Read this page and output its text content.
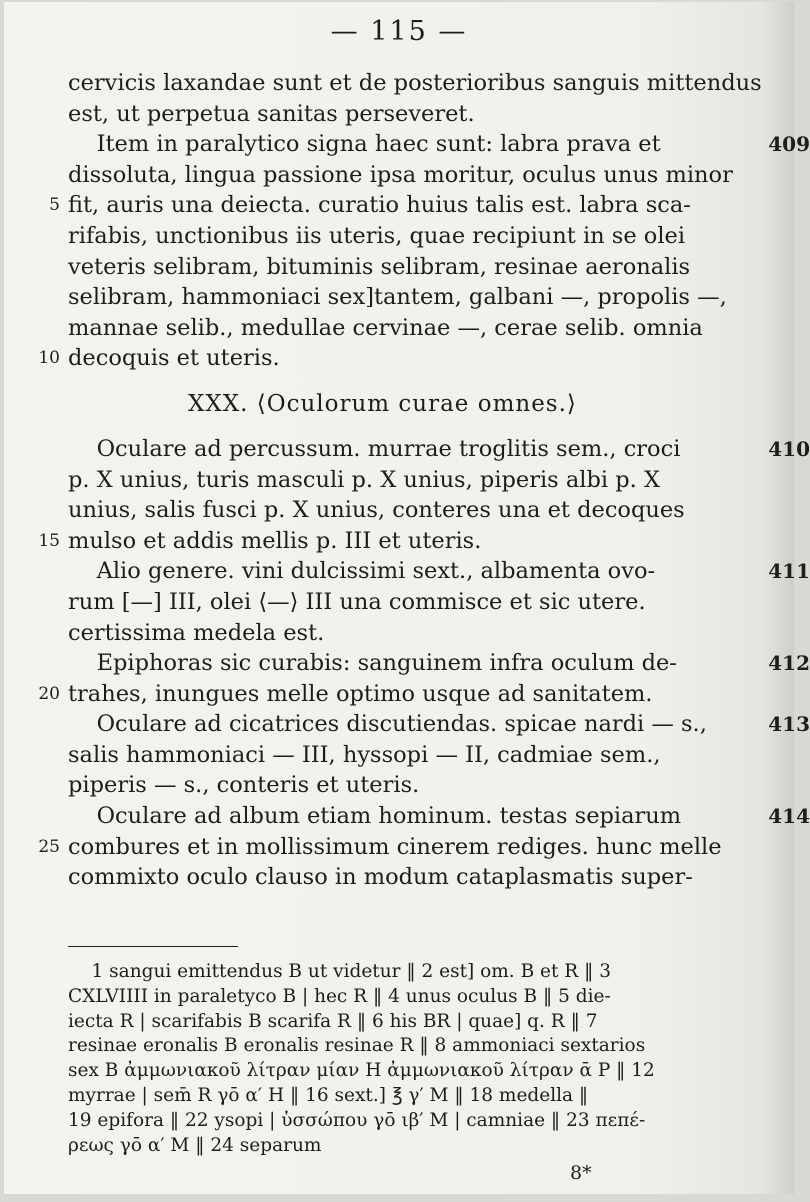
— 115 —
cervicis laxandae sunt et de posterioribus sanguis mittendus
est, ut perpetua sanitas perseveret.
Item in paralytico signa haec sunt: labra prava et	409
dissoluta, lingua passione ipsa moritur, oculus unus minor
5 fit, auris una deiecta. curatio huius talis est. labra sca-
rifabis, unctionibus iis uteris, quae recipiunt in se olei
veteris selibram, bituminis selibram, resinae aeronalis
selibram, hammoniaci sex]tantem, galbani —, propolis —,
mannae selib., medullae cervinae —, cerae selib. omnia
10 decoquis et uteris.
XXX. ⟨Oculorum curae omnes.⟩
Oculare ad percussum. murrae troglitis sem., croci	410
p. X unius, turis masculi p. X unius, piperis albi p. X
unius, salis fusci p. X unius, conteres una et decoques
15 mulso et addis mellis p. III et uteris.
Alio genere. vini dulcissimi sext., albamenta ovo-	411
rum [—] III, olei ⟨—⟩ III una commisce et sic utere.
certissima medela est.
Epiphoras sic curabis: sanguinem infra oculum de-	412
20 trahes, inungues melle optimo usque ad sanitatem.
Oculare ad cicatrices discutiendas. spicae nardi — s.,	413
salis hammoniaci — III, hyssopi — II, cadmiae sem.,
piperis — s., conteris et uteris.
Oculare ad album etiam hominum. testas sepiarum	414
25 combures et in mollissimum cinerem rediges. hunc melle
commixto oculo clauso in modum cataplasmatis super-
1 sangui emittendus B ut videtur ‖ 2 est] om. B et R ‖ 3
CXLVIIII in paraletyco B | hec R ‖ 4 unus oculus B ‖ 5 die-
iecta R | scarifabis B scarifa R ‖ 6 his BR | quae] q. R ‖ 7
resinae eronalis B eronalis resinae R ‖ 8 ammoniaci sextarios
sex B ἀμμωνιακοῦ λίτραν μίαν H ἀμμωνιακοῦ λίτραν ᾱ P ‖ 12
myrrae | sem̄ R γō α′ H ‖ 16 sext.] ℥ γ′ M ‖ 18 medella ‖
19 epifora ‖ 22 ysopi | ὑσσώπου γō ιβ′ M | camniae ‖ 23 πεπέ-
ρεως γō α′ M ‖ 24 separum
8*
